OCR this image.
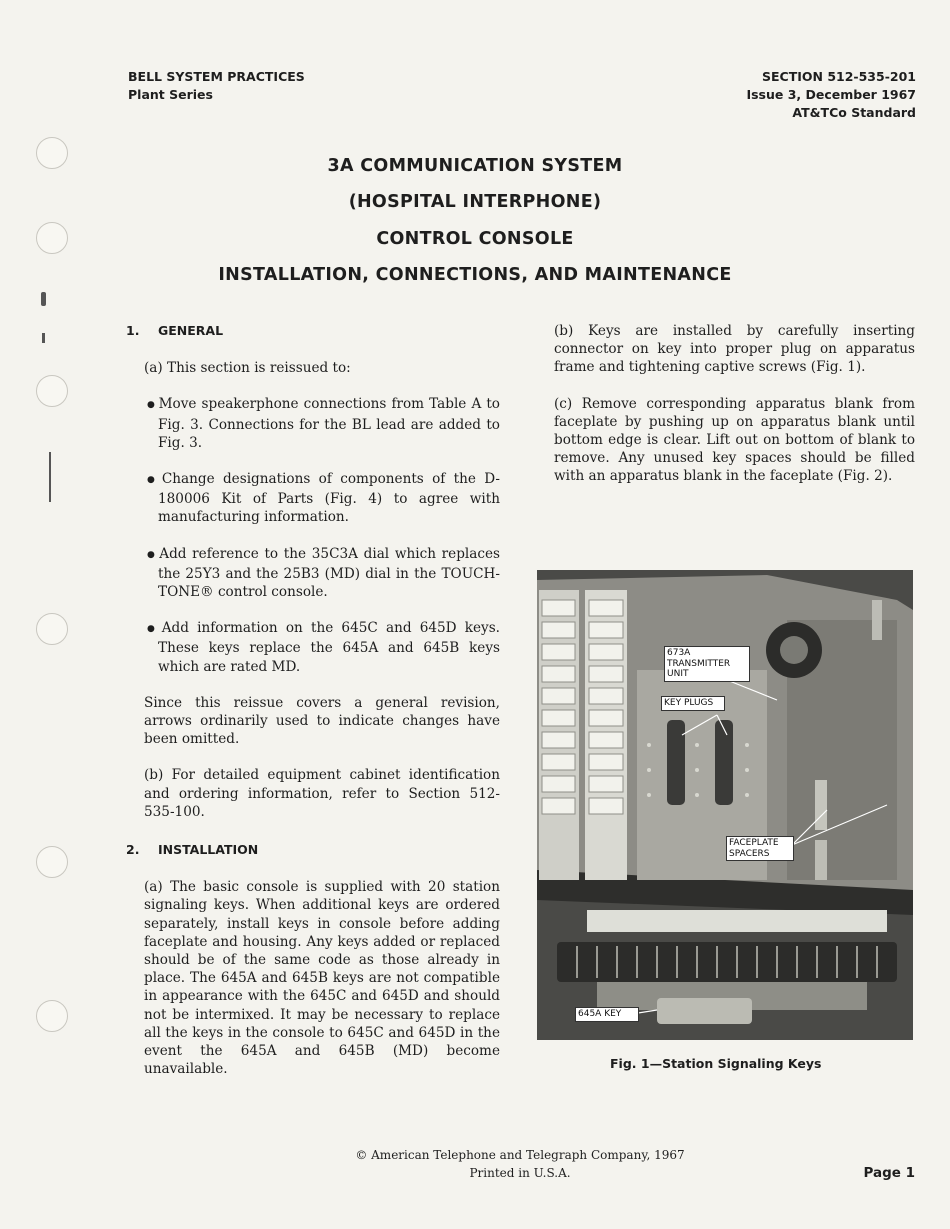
BELL SYSTEM PRACTICES
Plant Series
SECTION 512-535-201
Issue 3, December 1967
AT&TCo Standard
3A COMMUNICATION SYSTEM
(HOSPITAL INTERPHONE)
CONTROL CONSOLE
INSTALLATION, CONNECTIONS, AND MAINTENANCE
1. GENERAL

(a) This section is reissued to:

● Move speakerphone connections from Table A to Fig. 3. Connections for the BL lead are added to Fig. 3.

● Change designations of components of the D-180006 Kit of Parts (Fig. 4) to agree with manufacturing information.

● Add reference to the 35C3A dial which replaces the 25Y3 and the 25B3 (MD) dial in the TOUCH-TONE® control console.

● Add information on the 645C and 645D keys. These keys replace the 645A and 645B keys which are rated MD.

Since this reissue covers a general revision, arrows ordinarily used to indicate changes have been omitted.

(b) For detailed equipment cabinet identification and ordering information, refer to Section 512-535-100.

2. INSTALLATION

(a) The basic console is supplied with 20 station signaling keys. When additional keys are ordered separately, install keys in console before adding faceplate and housing. Any keys added or replaced should be of the same code as those already in place. The 645A and 645B keys are not compatible in appearance with the 645C and 645D and should not be intermixed. It may be necessary to replace all the keys in the console to 645C and 645D in the event the 645A and 645B (MD) become unavailable.

(b) Keys are installed by carefully inserting connector on key into proper plug on apparatus frame and tightening captive screws (Fig. 1).

(c) Remove corresponding apparatus blank from faceplate by pushing up on apparatus blank until bottom edge is clear. Lift out on bottom of blank to remove. Any unused key spaces should be filled with an apparatus blank in the faceplate (Fig. 2).

673A TRANSMITTER UNIT
KEY PLUGS
FACEPLATE SPACERS
645A KEY
Fig. 1—Station Signaling Keys
© American Telephone and Telegraph Company, 1967
Printed in U.S.A.	Page 1
